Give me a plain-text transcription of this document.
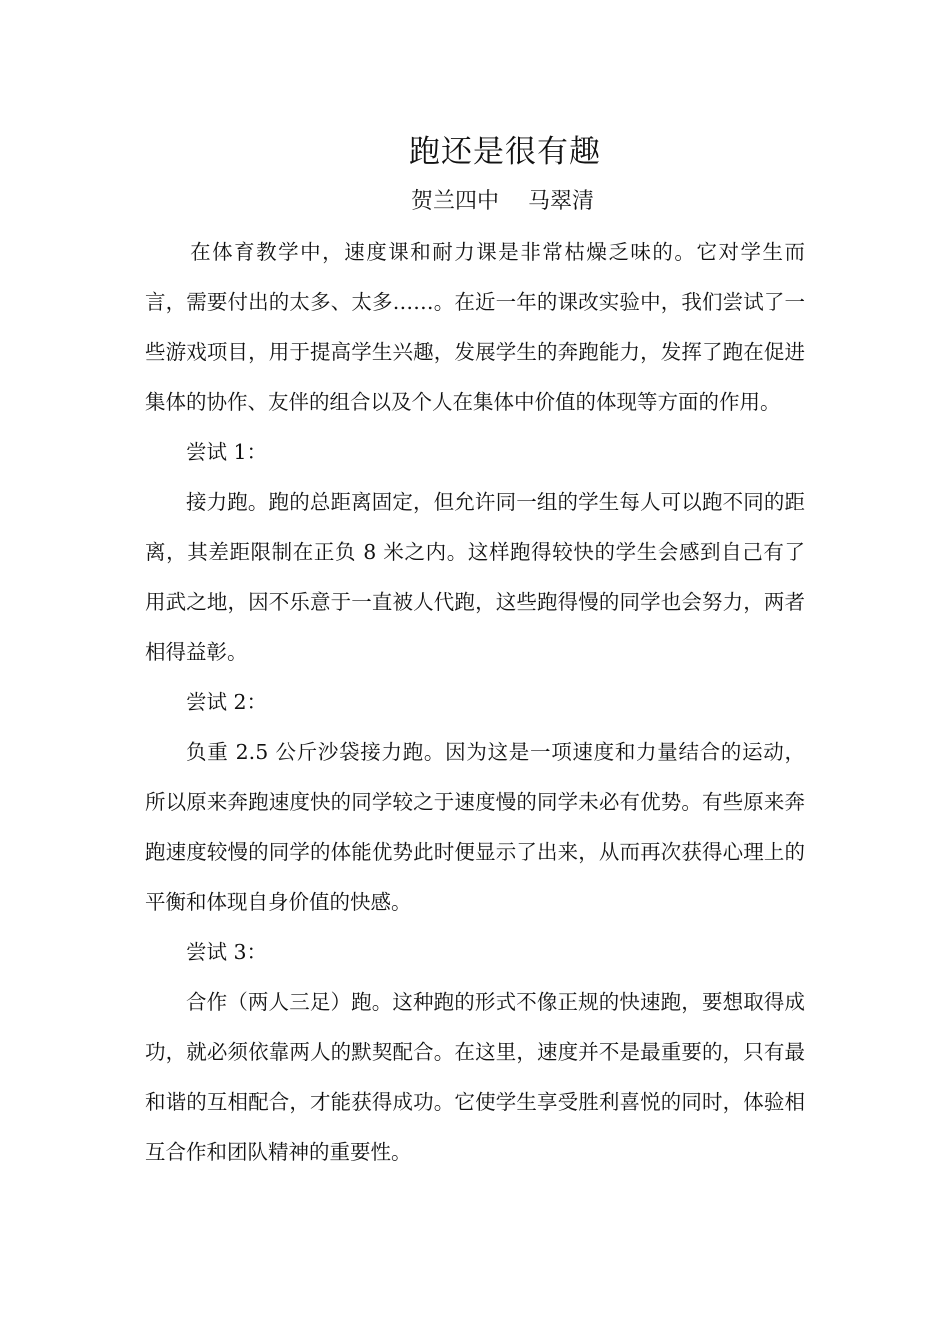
跑还是很有趣
贺兰四中　 马翠清

在体育教学中，速度课和耐力课是非常枯燥乏味的。它对学生而言，需要付出的太多、太多……。在近一年的课改实验中，我们尝试了一些游戏项目，用于提高学生兴趣，发展学生的奔跑能力，发挥了跑在促进集体的协作、友伴的组合以及个人在集体中价值的体现等方面的作用。

尝试 1：

接力跑。跑的总距离固定，但允许同一组的学生每人可以跑不同的距离，其差距限制在正负 8 米之内。这样跑得较快的学生会感到自己有了用武之地，因不乐意于一直被人代跑，这些跑得慢的同学也会努力，两者相得益彰。

尝试 2：

负重 2.5 公斤沙袋接力跑。因为这是一项速度和力量结合的运动，所以原来奔跑速度快的同学较之于速度慢的同学未必有优势。有些原来奔跑速度较慢的同学的体能优势此时便显示了出来，从而再次获得心理上的平衡和体现自身价值的快感。

尝试 3：

合作（两人三足）跑。这种跑的形式不像正规的快速跑，要想取得成功，就必须依靠两人的默契配合。在这里，速度并不是最重要的，只有最和谐的互相配合，才能获得成功。它使学生享受胜利喜悦的同时，体验相互合作和团队精神的重要性。
